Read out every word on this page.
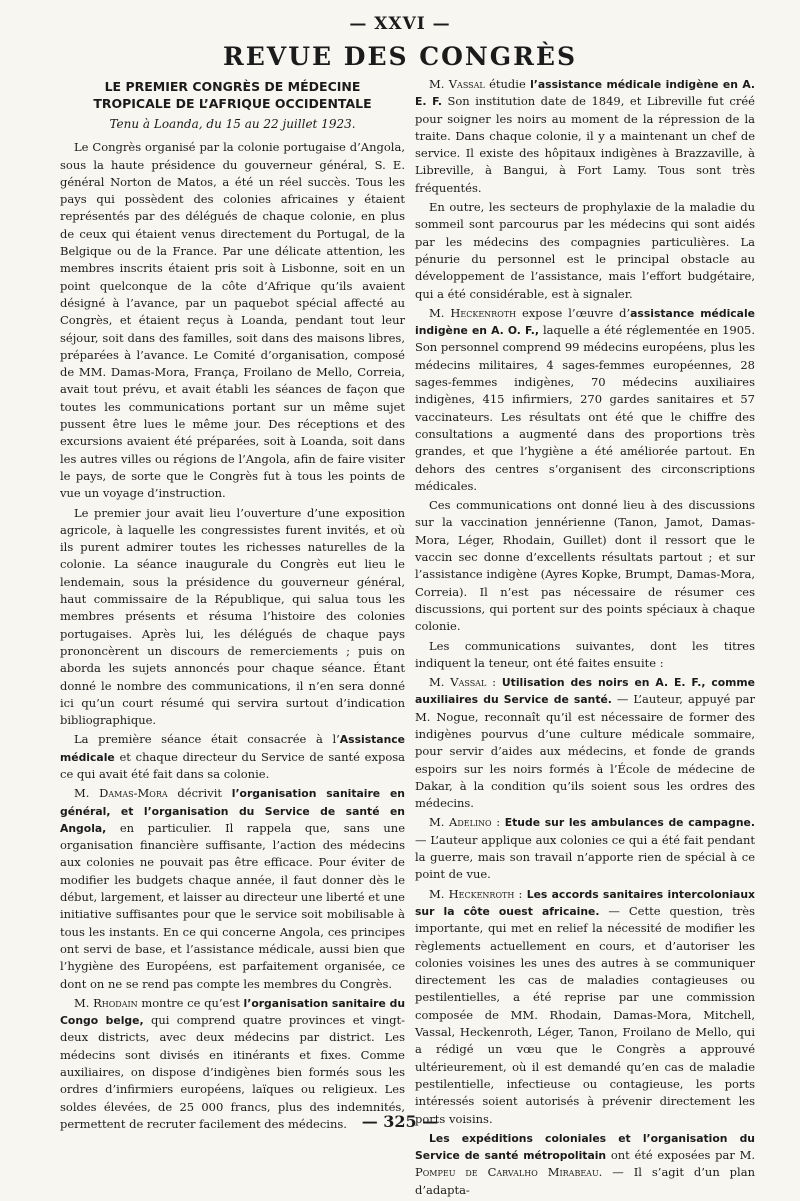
— XXVI —
REVUE DES CONGRÈS
LE PREMIER CONGRÈS DE MÉDECINE
TROPICALE DE L’AFRIQUE OCCIDENTALE

Tenu à Loanda, du 15 au 22 juillet 1923.

Le Congrès organisé par la colonie portugaise d’Angola, sous la haute présidence du gouverneur général, S. E. général Norton de Matos, a été un réel succès. Tous les pays qui possèdent des colonies africaines y étaient représentés par des délégués de chaque colonie, en plus de ceux qui étaient venus directement du Portugal, de la Belgique ou de la France. Par une délicate attention, les membres inscrits étaient pris soit à Lisbonne, soit en un point quelconque de la côte d’Afrique qu’ils avaient désigné à l’avance, par un paquebot spécial affecté au Congrès, et étaient reçus à Loanda, pendant tout leur séjour, soit dans des familles, soit dans des maisons libres, préparées à l’avance. Le Comité d’organisation, composé de MM. Damas-Mora, França, Froilano de Mello, Correia, avait tout prévu, et avait établi les séances de façon que toutes les communications portant sur un même sujet pussent être lues le même jour. Des réceptions et des excursions avaient été préparées, soit à Loanda, soit dans les autres villes ou régions de l’Angola, afin de faire visiter le pays, de sorte que le Congrès fut à tous les points de vue un voyage d’instruction.

Le premier jour avait lieu l’ouverture d’une exposition agricole, à laquelle les congressistes furent invités, et où ils purent admirer toutes les richesses naturelles de la colonie. La séance inaugurale du Congrès eut lieu le lendemain, sous la présidence du gouverneur général, haut commissaire de la République, qui salua tous les membres présents et résuma l’histoire des colonies portugaises. Après lui, les délégués de chaque pays prononcèrent un discours de remerciements ; puis on aborda les sujets annoncés pour chaque séance. Étant donné le nombre des communications, il n’en sera donné ici qu’un court résumé qui servira surtout d’indication bibliographique.

La première séance était consacrée à l’Assistance médicale et chaque directeur du Service de santé exposa ce qui avait été fait dans sa colonie.

M. Damas-Mora décrivit l’organisation sanitaire en général, et l’organisation du Service de santé en Angola, en particulier. Il rappela que, sans une organisation financière suffisante, l’action des médecins aux colonies ne pouvait pas être efficace. Pour éviter de modifier les budgets chaque année, il faut donner dès le début, largement, et laisser au directeur une liberté et une initiative suffisantes pour que le service soit mobilisable à tous les instants. En ce qui concerne Angola, ces principes ont servi de base, et l’assistance médicale, aussi bien que l’hygiène des Européens, est parfaitement organisée, ce dont on ne se rend pas compte les membres du Congrès.

M. Rhodain montre ce qu’est l’organisation sanitaire du Congo belge, qui comprend quatre provinces et vingt-deux districts, avec deux médecins par district. Les médecins sont divisés en itinérants et fixes. Comme auxiliaires, on dispose d’indigènes bien formés sous les ordres d’infirmiers européens, laïques ou religieux. Les soldes élevées, de 25 000 francs, plus des indemnités, permettent de recruter facilement des médecins.

M. Vassal étudie l’assistance médicale indigène en A. E. F. Son institution date de 1849, et Libreville fut créé pour soigner les noirs au moment de la répression de la traite. Dans chaque colonie, il y a maintenant un chef de service. Il existe des hôpitaux indigènes à Brazzaville, à Libreville, à Bangui, à Fort Lamy. Tous sont très fréquentés.

En outre, les secteurs de prophylaxie de la maladie du sommeil sont parcourus par les médecins qui sont aidés par les médecins des compagnies particulières. La pénurie du personnel est le principal obstacle au développement de l’assistance, mais l’effort budgétaire, qui a été considérable, est à signaler.

M. Heckenroth expose l’œuvre d’assistance médicale indigène en A. O. F., laquelle a été réglementée en 1905. Son personnel comprend 99 médecins européens, plus les médecins militaires, 4 sages-femmes européennes, 28 sages-femmes indigènes, 70 médecins auxiliaires indigènes, 415 infirmiers, 270 gardes sanitaires et 57 vaccinateurs. Les résultats ont été que le chiffre des consultations a augmenté dans des proportions très grandes, et que l’hygiène a été améliorée partout. En dehors des centres s’organisent des circonscriptions médicales.

Ces communications ont donné lieu à des discussions sur la vaccination jennérienne (Tanon, Jamot, Damas-Mora, Léger, Rhodain, Guillet) dont il ressort que le vaccin sec donne d’excellents résultats partout ; et sur l’assistance indigène (Ayres Kopke, Brumpt, Damas-Mora, Correia). Il n’est pas nécessaire de résumer ces discussions, qui portent sur des points spéciaux à chaque colonie.

Les communications suivantes, dont les titres indiquent la teneur, ont été faites ensuite :

M. Vassal : Utilisation des noirs en A. E. F., comme auxiliaires du Service de santé. — L’auteur, appuyé par M. Nogue, reconnaît qu’il est nécessaire de former des indigènes pourvus d’une culture médicale sommaire, pour servir d’aides aux médecins, et fonde de grands espoirs sur les noirs formés à l’École de médecine de Dakar, à la condition qu’ils soient sous les ordres des médecins.

M. Adelino : Etude sur les ambulances de campagne. — L’auteur applique aux colonies ce qui a été fait pendant la guerre, mais son travail n’apporte rien de spécial à ce point de vue.

M. Heckenroth : Les accords sanitaires intercoloniaux sur la côte ouest africaine. — Cette question, très importante, qui met en relief la nécessité de modifier les règlements actuellement en cours, et d’autoriser les colonies voisines les unes des autres à se communiquer directement les cas de maladies contagieuses ou pestilentielles, a été reprise par une commission composée de MM. Rhodain, Damas-Mora, Mitchell, Vassal, Heckenroth, Léger, Tanon, Froilano de Mello, qui a rédigé un vœu que le Congrès a approuvé ultérieurement, où il est demandé qu’en cas de maladie pestilentielle, infectieuse ou contagieuse, les ports intéressés soient autorisés à prévenir directement les ports voisins.

Les expéditions coloniales et l’organisation du Service de santé métropolitain ont été exposées par M. Pompeu de Carvalho Mirabeau. — Il s’agit d’un plan d’adapta-

— 325 —
